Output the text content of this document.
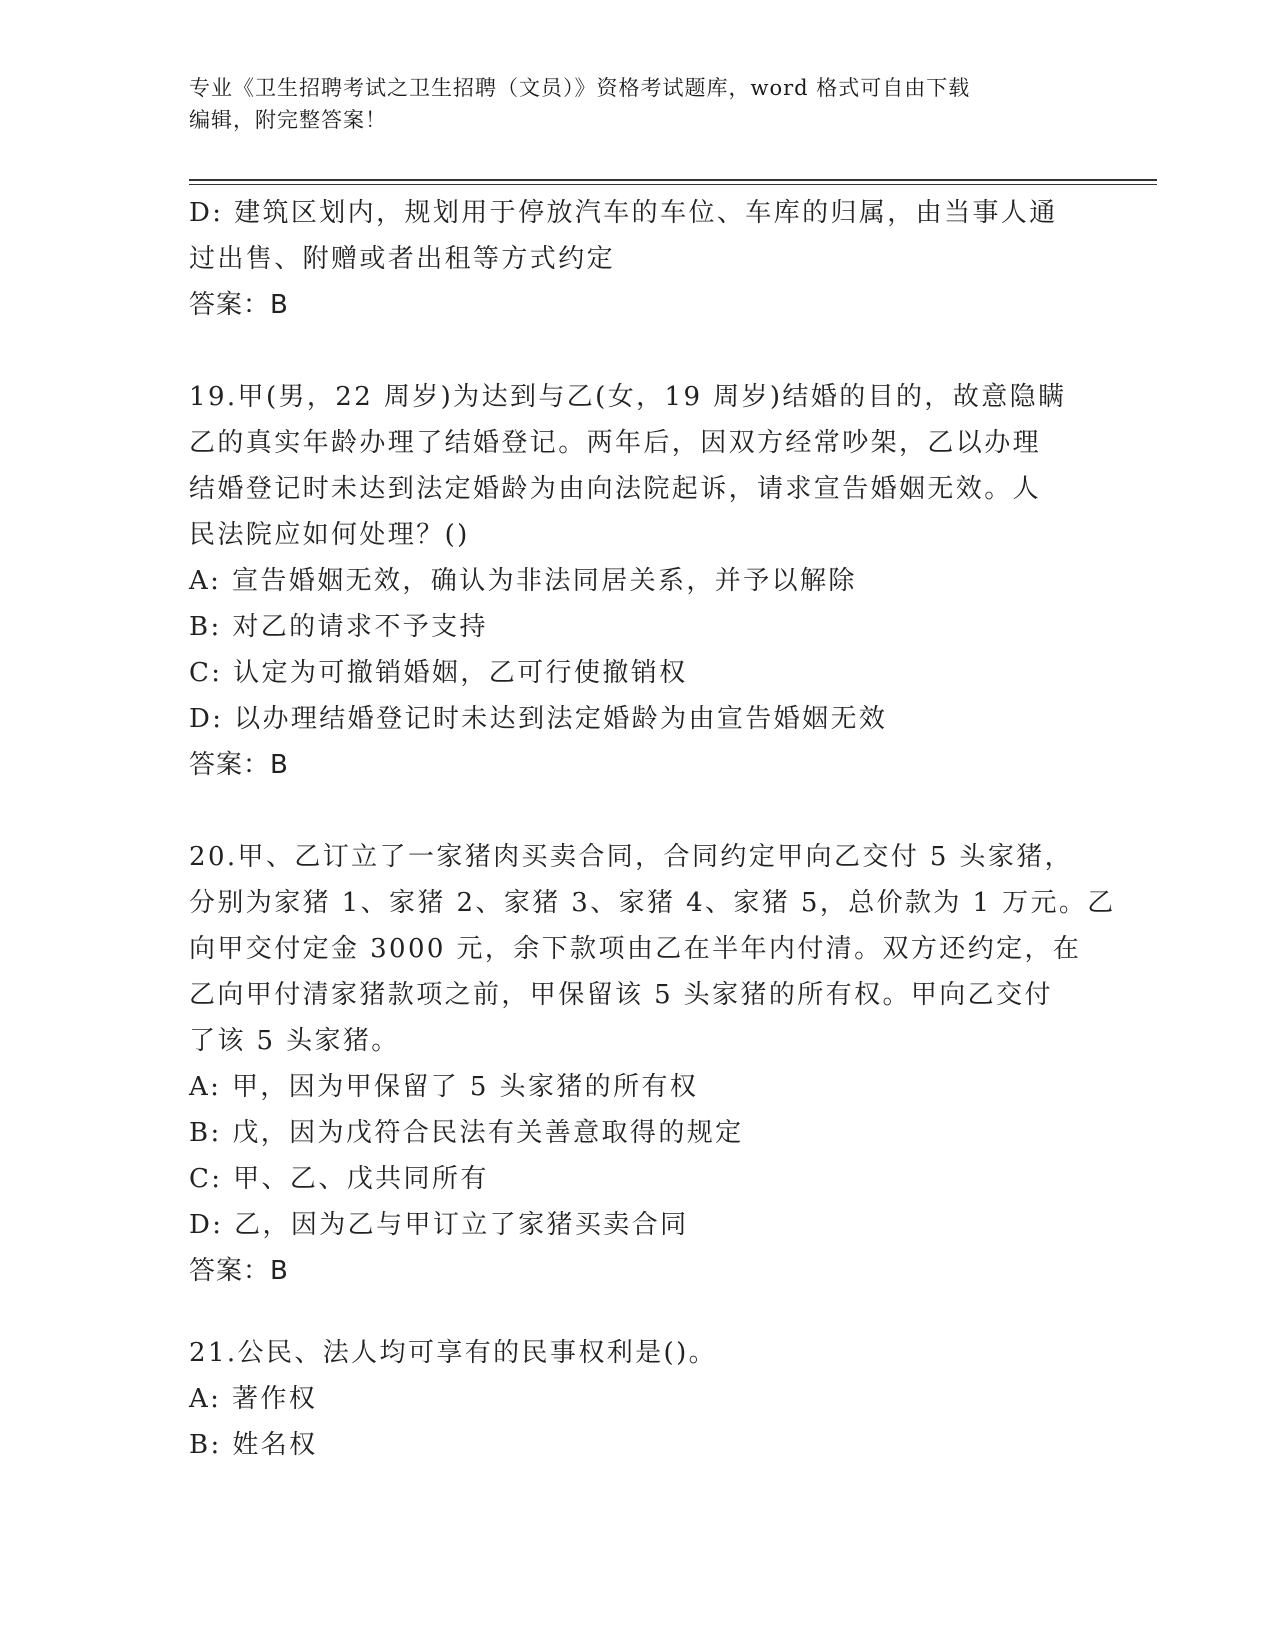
专业《卫生招聘考试之卫生招聘（文员）》资格考试题库，word 格式可自由下载
编辑，附完整答案！
D: 建筑区划内，规划用于停放汽车的车位、车库的归属，由当事人通
过出售、附赠或者出租等方式约定
答案：B
19.甲(男，22 周岁)为达到与乙(女，19 周岁)结婚的目的，故意隐瞒
乙的真实年龄办理了结婚登记。两年后，因双方经常吵架，乙以办理
结婚登记时未达到法定婚龄为由向法院起诉，请求宣告婚姻无效。人
民法院应如何处理？()
A: 宣告婚姻无效，确认为非法同居关系，并予以解除
B: 对乙的请求不予支持
C: 认定为可撤销婚姻，乙可行使撤销权
D: 以办理结婚登记时未达到法定婚龄为由宣告婚姻无效
答案：B
20.甲、乙订立了一家猪肉买卖合同，合同约定甲向乙交付 5 头家猪，
分别为家猪 1、家猪 2、家猪 3、家猪 4、家猪 5，总价款为 1 万元。乙
向甲交付定金 3000 元，余下款项由乙在半年内付清。双方还约定，在
乙向甲付清家猪款项之前，甲保留该 5 头家猪的所有权。甲向乙交付
了该 5 头家猪。
A: 甲，因为甲保留了 5 头家猪的所有权
B: 戊，因为戊符合民法有关善意取得的规定
C: 甲、乙、戊共同所有
D: 乙，因为乙与甲订立了家猪买卖合同
答案：B
21.公民、法人均可享有的民事权利是()。
A: 著作权
B: 姓名权
